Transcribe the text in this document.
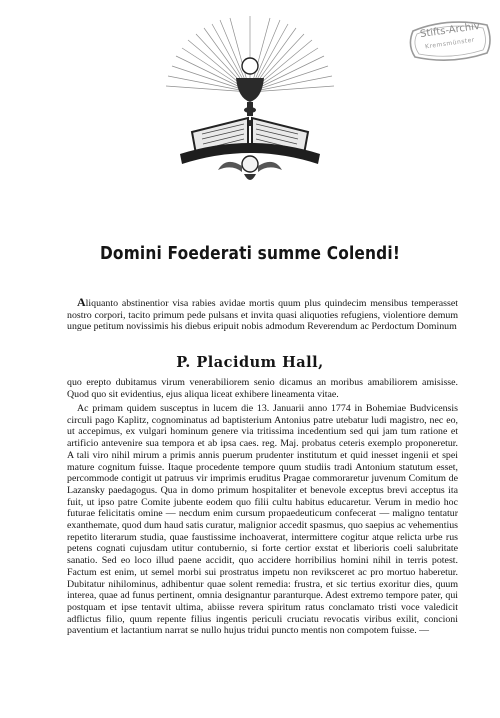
Stifts-Archiv
Kremsmünster
Domini Foederati summe Colendi!

Aliquanto abstinentior visa rabies avidae mortis quum plus quindecim mensibus temperasset nostro corpori, tacito primum pede pulsans et invita quasi aliquoties refugiens, violentiore demum ungue petitum novissimis his diebus eripuit nobis admodum Reverendum ac Perdoctum Dominum

P. Placidum Hall,

quo erepto dubitamus virum venerabiliorem senio dicamus an moribus amabiliorem amisisse. Quod quo sit evidentius, ejus aliqua liceat exhibere lineamenta vitae.

Ac primam quidem susceptus in lucem die 13. Januarii anno 1774 in Bohemiae Budvicensis circuli pago Kaplitz, cognominatus ad baptisterium Antonius patre utebatur ludi magistro, nec eo, ut accepimus, ex vulgari hominum genere via tritissima incedentium sed qui jam tum ratione et artificio antevenire sua tempora et ab ipsa caes. reg. Maj. probatus ceteris exemplo proponeretur. A tali viro nihil mirum a primis annis puerum prudenter institutum et quid inesset ingenii et spei mature cognitum fuisse. Itaque procedente tempore quum studiis tradi Antonium statutum esset, percommode contigit ut patruus vir imprimis eruditus Pragae commoraretur juvenum Comitum de Lazansky paedagogus. Qua in domo primum hospitaliter et benevole exceptus brevi acceptus ita fuit, ut ipso patre Comite jubente eodem quo filii cultu habitus educaretur. Verum in medio hoc futurae felicitatis omine — necdum enim cursum propaedeuticum confecerat — maligno tentatur exanthemate, quod dum haud satis curatur, malignior accedit spasmus, quo saepius ac vehementius repetito literarum studia, quae faustissime inchoaverat, intermittere cogitur atque relicta urbe rus petens cognati cujusdam utitur contubernio, si forte certior exstat et liberioris coeli salubritate sanatio. Sed eo loco illud paene accidit, quo accidere horribilius homini nihil in terris potest. Factum est enim, ut semel morbi sui prostratus impetu non reviksceret ac pro mortuo haberetur. Dubitatur nihilominus, adhibentur quae solent remedia: frustra, et sic tertius exoritur dies, quum interea, quae ad funus pertinent, omnia designantur paranturque. Adest extremo tempore pater, qui postquam et ipse tentavit ultima, abiisse revera spiritum ratus conclamato tristi voce valedicit adflictus filio, quum repente filius ingentis periculi cruciatu revocatis viribus exilit, concioni paventium et lactantium narrat se nullo hujus tridui puncto mentis non compotem fuisse. —
